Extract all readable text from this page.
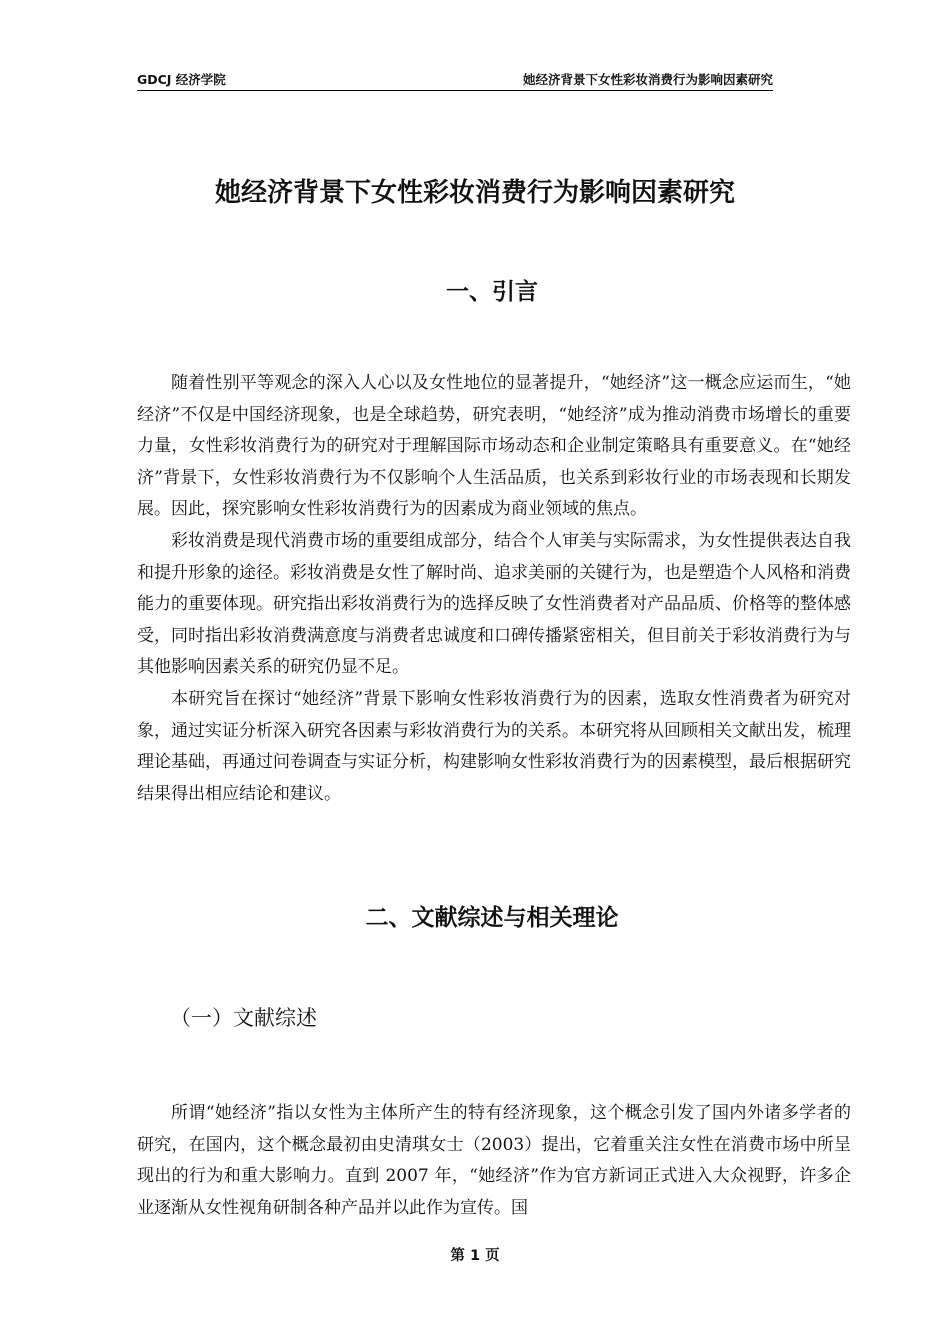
GDCJ 经济学院	她经济背景下女性彩妆消费行为影响因素研究
她经济背景下女性彩妆消费行为影响因素研究
一、引言

随着性别平等观念的深入人心以及女性地位的显著提升，“她经济”这一概念应运而生，“她经济”不仅是中国经济现象，也是全球趋势，研究表明，“她经济”成为推动消费市场增长的重要力量，女性彩妆消费行为的研究对于理解国际市场动态和企业制定策略具有重要意义。在“她经济”背景下，女性彩妆消费行为不仅影响个人生活品质，也关系到彩妆行业的市场表现和长期发展。因此，探究影响女性彩妆消费行为的因素成为商业领域的焦点。

彩妆消费是现代消费市场的重要组成部分，结合个人审美与实际需求，为女性提供表达自我和提升形象的途径。彩妆消费是女性了解时尚、追求美丽的关键行为，也是塑造个人风格和消费能力的重要体现。研究指出彩妆消费行为的选择反映了女性消费者对产品品质、价格等的整体感受，同时指出彩妆消费满意度与消费者忠诚度和口碑传播紧密相关，但目前关于彩妆消费行为与其他影响因素关系的研究仍显不足。

本研究旨在探讨“她经济”背景下影响女性彩妆消费行为的因素，选取女性消费者为研究对象，通过实证分析深入研究各因素与彩妆消费行为的关系。本研究将从回顾相关文献出发，梳理理论基础，再通过问卷调查与实证分析，构建影响女性彩妆消费行为的因素模型，最后根据研究结果得出相应结论和建议。

二、文献综述与相关理论
（一）文献综述

所谓“她经济”指以女性为主体所产生的特有经济现象，这个概念引发了国内外诸多学者的研究，在国内，这个概念最初由史清琪女士（2003）提出，它着重关注女性在消费市场中所呈现出的行为和重大影响力。直到 2007 年，“她经济”作为官方新词正式进入大众视野，许多企业逐渐从女性视角研制各种产品并以此作为宣传。国

第 1 页
